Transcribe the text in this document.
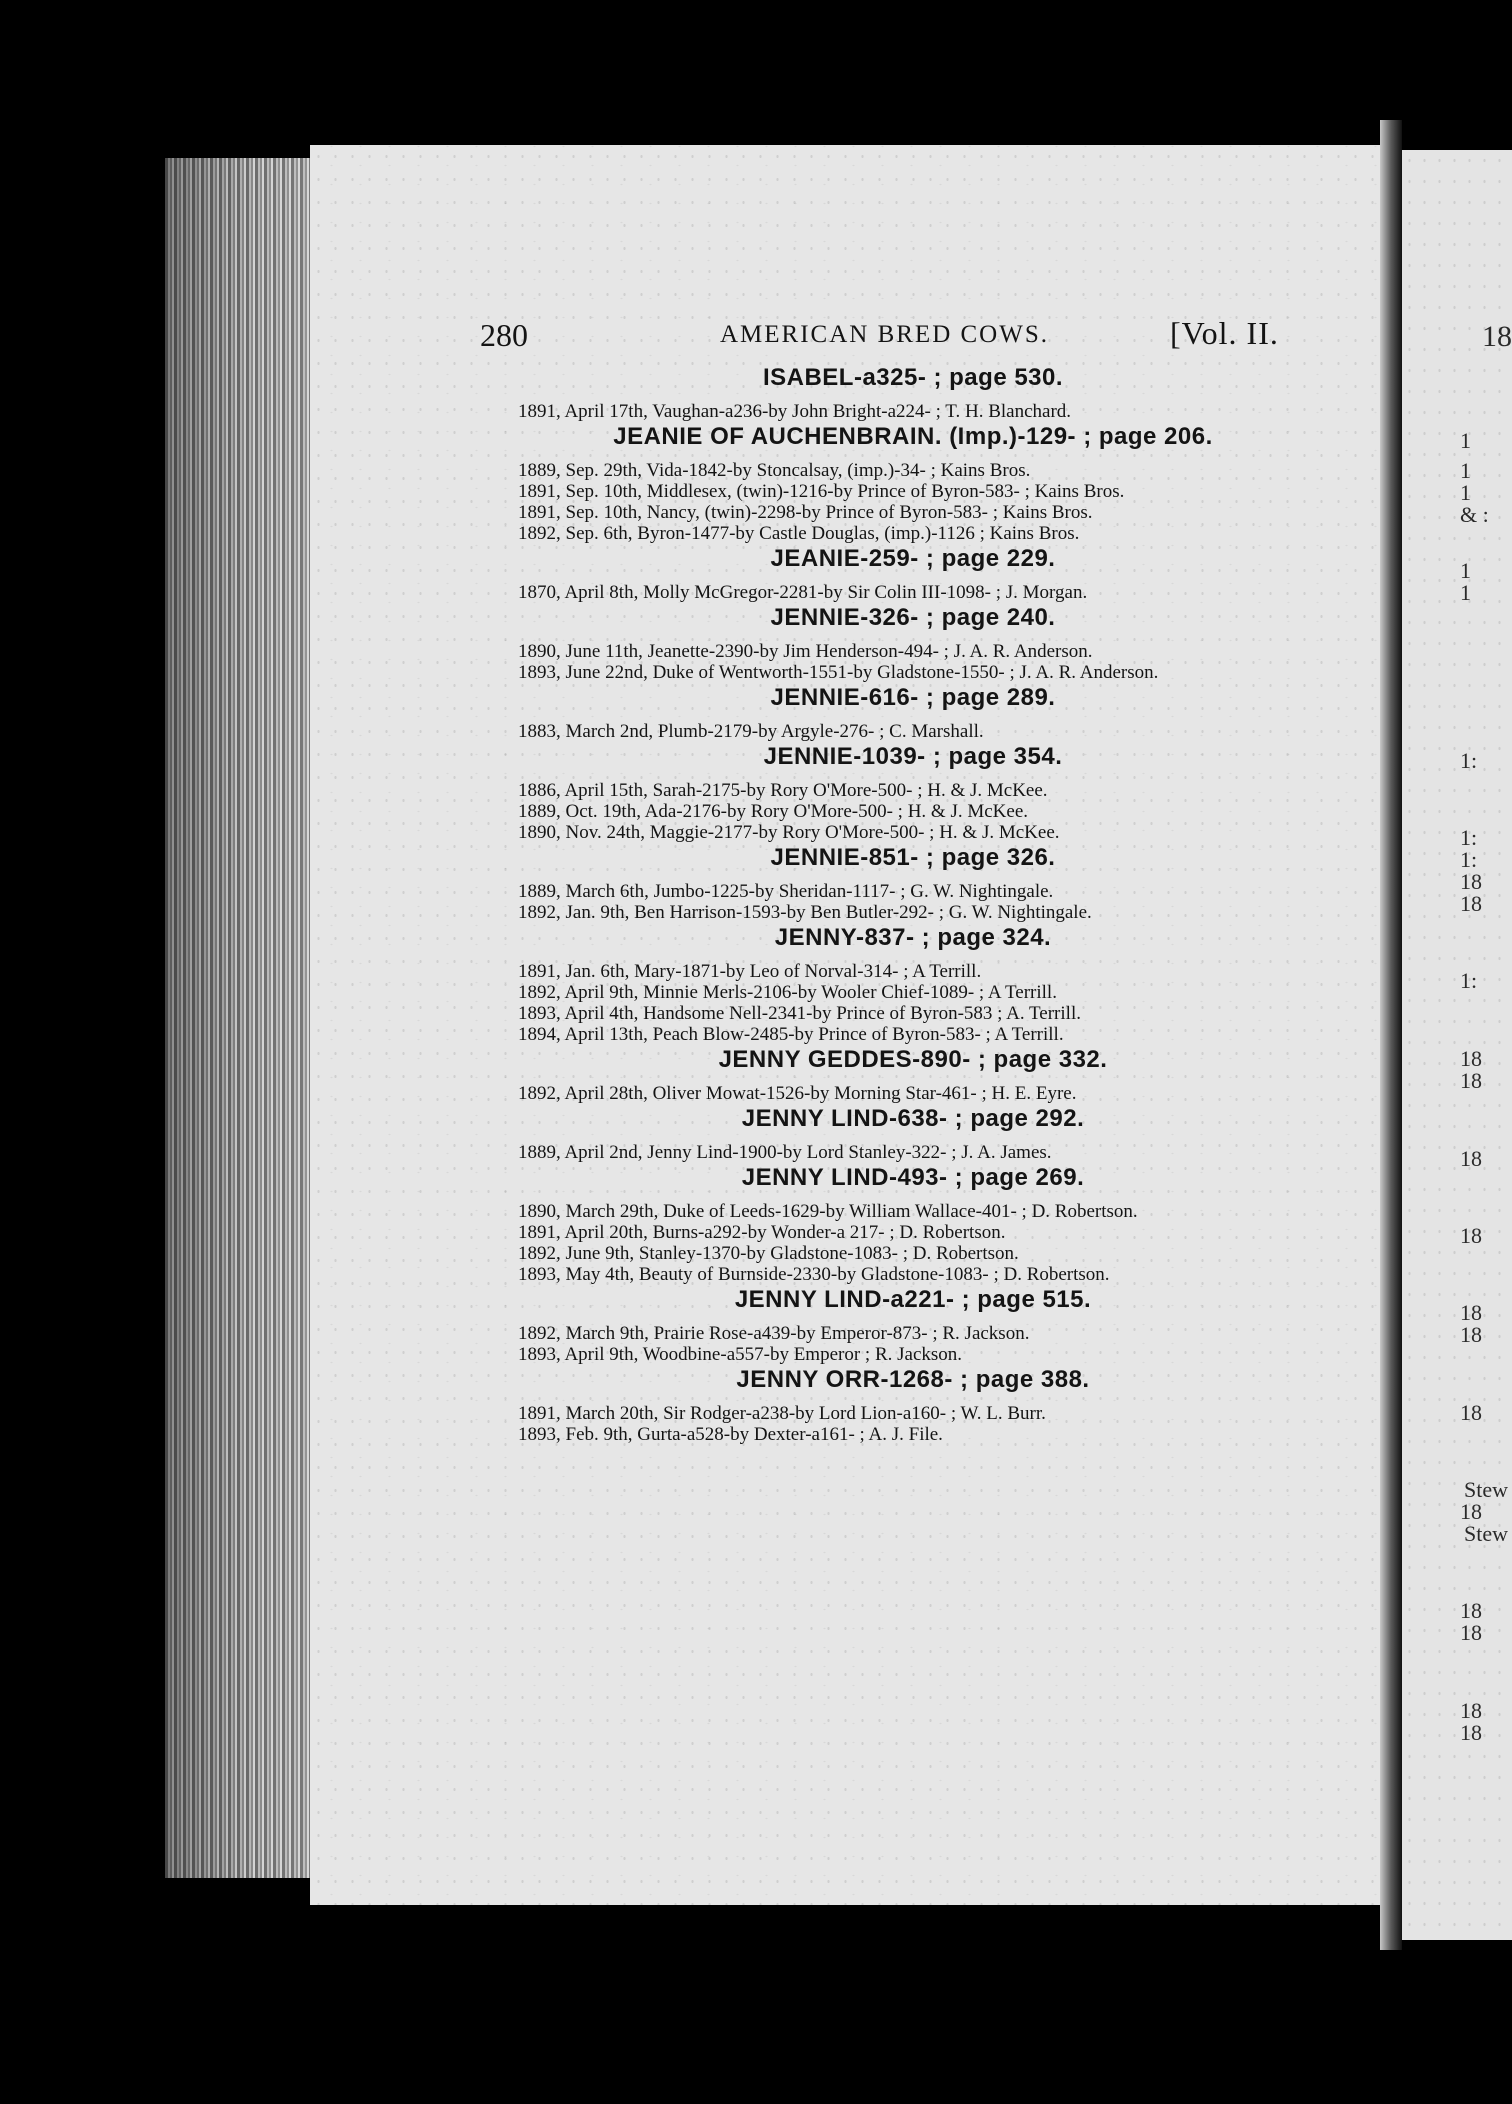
280	AMERICAN BRED COWS.	[Vol. II.
ISABEL-a325- ; page 530.
1891, April 17th, Vaughan-a236-by John Bright-a224- ; T. H. Blanchard.
JEANIE OF AUCHENBRAIN. (Imp.)-129- ; page 206.
1889, Sep. 29th, Vida-1842-by Stoncalsay, (imp.)-34- ; Kains Bros.
1891, Sep. 10th, Middlesex, (twin)-1216-by Prince of Byron-583- ; Kains Bros.
1891, Sep. 10th, Nancy, (twin)-2298-by Prince of Byron-583- ; Kains Bros.
1892, Sep. 6th, Byron-1477-by Castle Douglas, (imp.)-1126 ; Kains Bros.
JEANIE-259- ; page 229.
1870, April 8th, Molly McGregor-2281-by Sir Colin III-1098- ; J. Morgan.
JENNIE-326- ; page 240.
1890, June 11th, Jeanette-2390-by Jim Henderson-494- ; J. A. R. Anderson.
1893, June 22nd, Duke of Wentworth-1551-by Gladstone-1550- ; J. A. R. Anderson.
JENNIE-616- ; page 289.
1883, March 2nd, Plumb-2179-by Argyle-276- ; C. Marshall.
JENNIE-1039- ; page 354.
1886, April 15th, Sarah-2175-by Rory O'More-500- ; H. & J. McKee.
1889, Oct. 19th, Ada-2176-by Rory O'More-500- ; H. & J. McKee.
1890, Nov. 24th, Maggie-2177-by Rory O'More-500- ; H. & J. McKee.
JENNIE-851- ; page 326.
1889, March 6th, Jumbo-1225-by Sheridan-1117- ; G. W. Nightingale.
1892, Jan. 9th, Ben Harrison-1593-by Ben Butler-292- ; G. W. Nightingale.
JENNY-837- ; page 324.
1891, Jan. 6th, Mary-1871-by Leo of Norval-314- ; A Terrill.
1892, April 9th, Minnie Merls-2106-by Wooler Chief-1089- ; A Terrill.
1893, April 4th, Handsome Nell-2341-by Prince of Byron-583 ; A. Terrill.
1894, April 13th, Peach Blow-2485-by Prince of Byron-583- ; A Terrill.
JENNY GEDDES-890- ; page 332.
1892, April 28th, Oliver Mowat-1526-by Morning Star-461- ; H. E. Eyre.
JENNY LIND-638- ; page 292.
1889, April 2nd, Jenny Lind-1900-by Lord Stanley-322- ; J. A. James.
JENNY LIND-493- ; page 269.
1890, March 29th, Duke of Leeds-1629-by William Wallace-401- ; D. Robertson.
1891, April 20th, Burns-a292-by Wonder-a 217- ; D. Robertson.
1892, June 9th, Stanley-1370-by Gladstone-1083- ; D. Robertson.
1893, May 4th, Beauty of Burnside-2330-by Gladstone-1083- ; D. Robertson.
JENNY LIND-a221- ; page 515.
1892, March 9th, Prairie Rose-a439-by Emperor-873- ; R. Jackson.
1893, April 9th, Woodbine-a557-by Emperor ; R. Jackson.
JENNY ORR-1268- ; page 388.
1891, March 20th, Sir Rodger-a238-by Lord Lion-a160- ; W. L. Burr.
1893, Feb. 9th, Gurta-a528-by Dexter-a161- ; A. J. File.
18
1
1
1
& :
1
1
1:
1:
1:
18
18
1:
18
18
18
18
18
18
18
Stew
18
Stew
18
18
18
18
